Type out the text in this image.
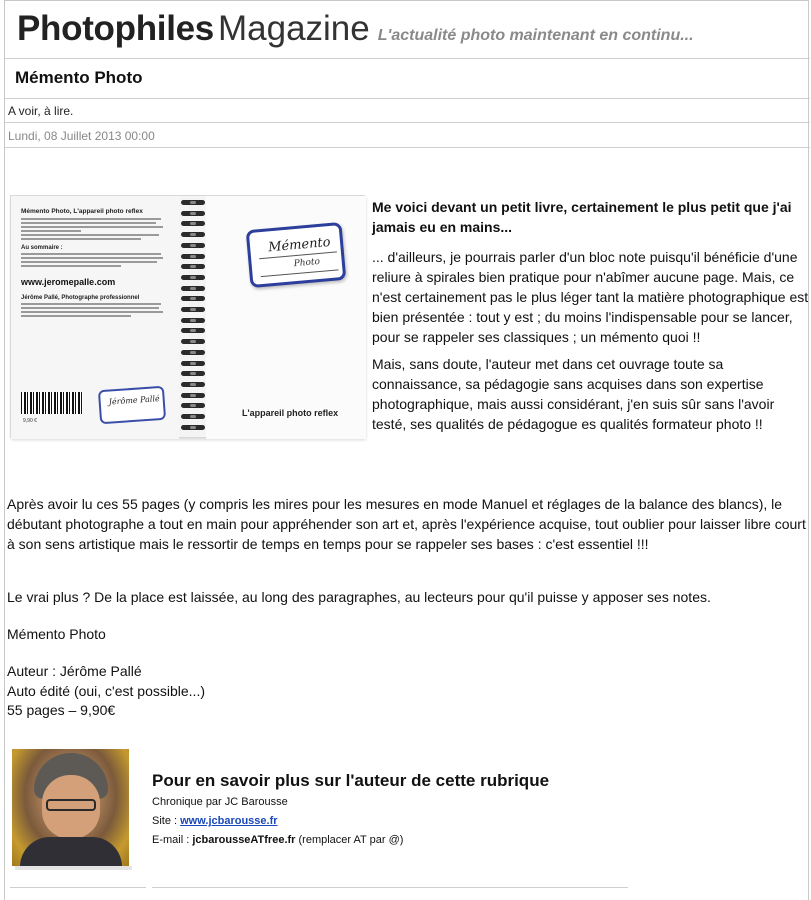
Photophiles Magazine L'actualité photo maintenant en continu...
Mémento Photo
A voir, à lire.
Lundi, 08 Juillet 2013 00:00
Mémento Photo, L'appareil photo reflex
Au sommaire :
www.jeromepalle.com
Jérôme Pallé, Photographe professionnel
9,90 €
Jérôme Pallé
Mémento
Photo
L'appareil photo reflex
Me voici devant un petit livre, certainement le plus petit que j'ai jamais eu en mains...
... d'ailleurs, je pourrais parler d'un bloc note puisqu'il bénéficie d'une reliure à spirales bien pratique pour n'abîmer aucune page. Mais, ce n'est certainement pas le plus léger tant la matière photographique est bien présentée : tout y est ; du moins l'indispensable pour se lancer, pour se rappeler ses classiques ; un mémento quoi !!
Mais, sans doute, l'auteur met dans cet ouvrage toute sa connaissance, sa pédagogie sans acquises dans son expertise photographique, mais aussi considérant, j'en suis sûr sans l'avoir testé, ses qualités de pédagogue es qualités formateur photo !!
Après avoir lu ces 55 pages (y compris les mires pour les mesures en mode Manuel et réglages de la balance des blancs), le débutant photographe a tout en main pour appréhender son art et, après l'expérience acquise, tout oublier pour laisser libre court à son sens artistique mais le ressortir de temps en temps pour se rappeler ses bases : c'est essentiel !!!
Le vrai plus ? De la place est laissée, au long des paragraphes, au lecteurs pour qu'il puisse y apposer ses notes.
Mémento Photo
Auteur : Jérôme Pallé
Auto édité (oui, c'est possible...)
55 pages – 9,90€
Pour en savoir plus sur l'auteur de cette rubrique
Chronique par JC Barousse
Site : www.jcbarousse.fr
E-mail : jcbarousseATfree.fr (remplacer AT par @)
